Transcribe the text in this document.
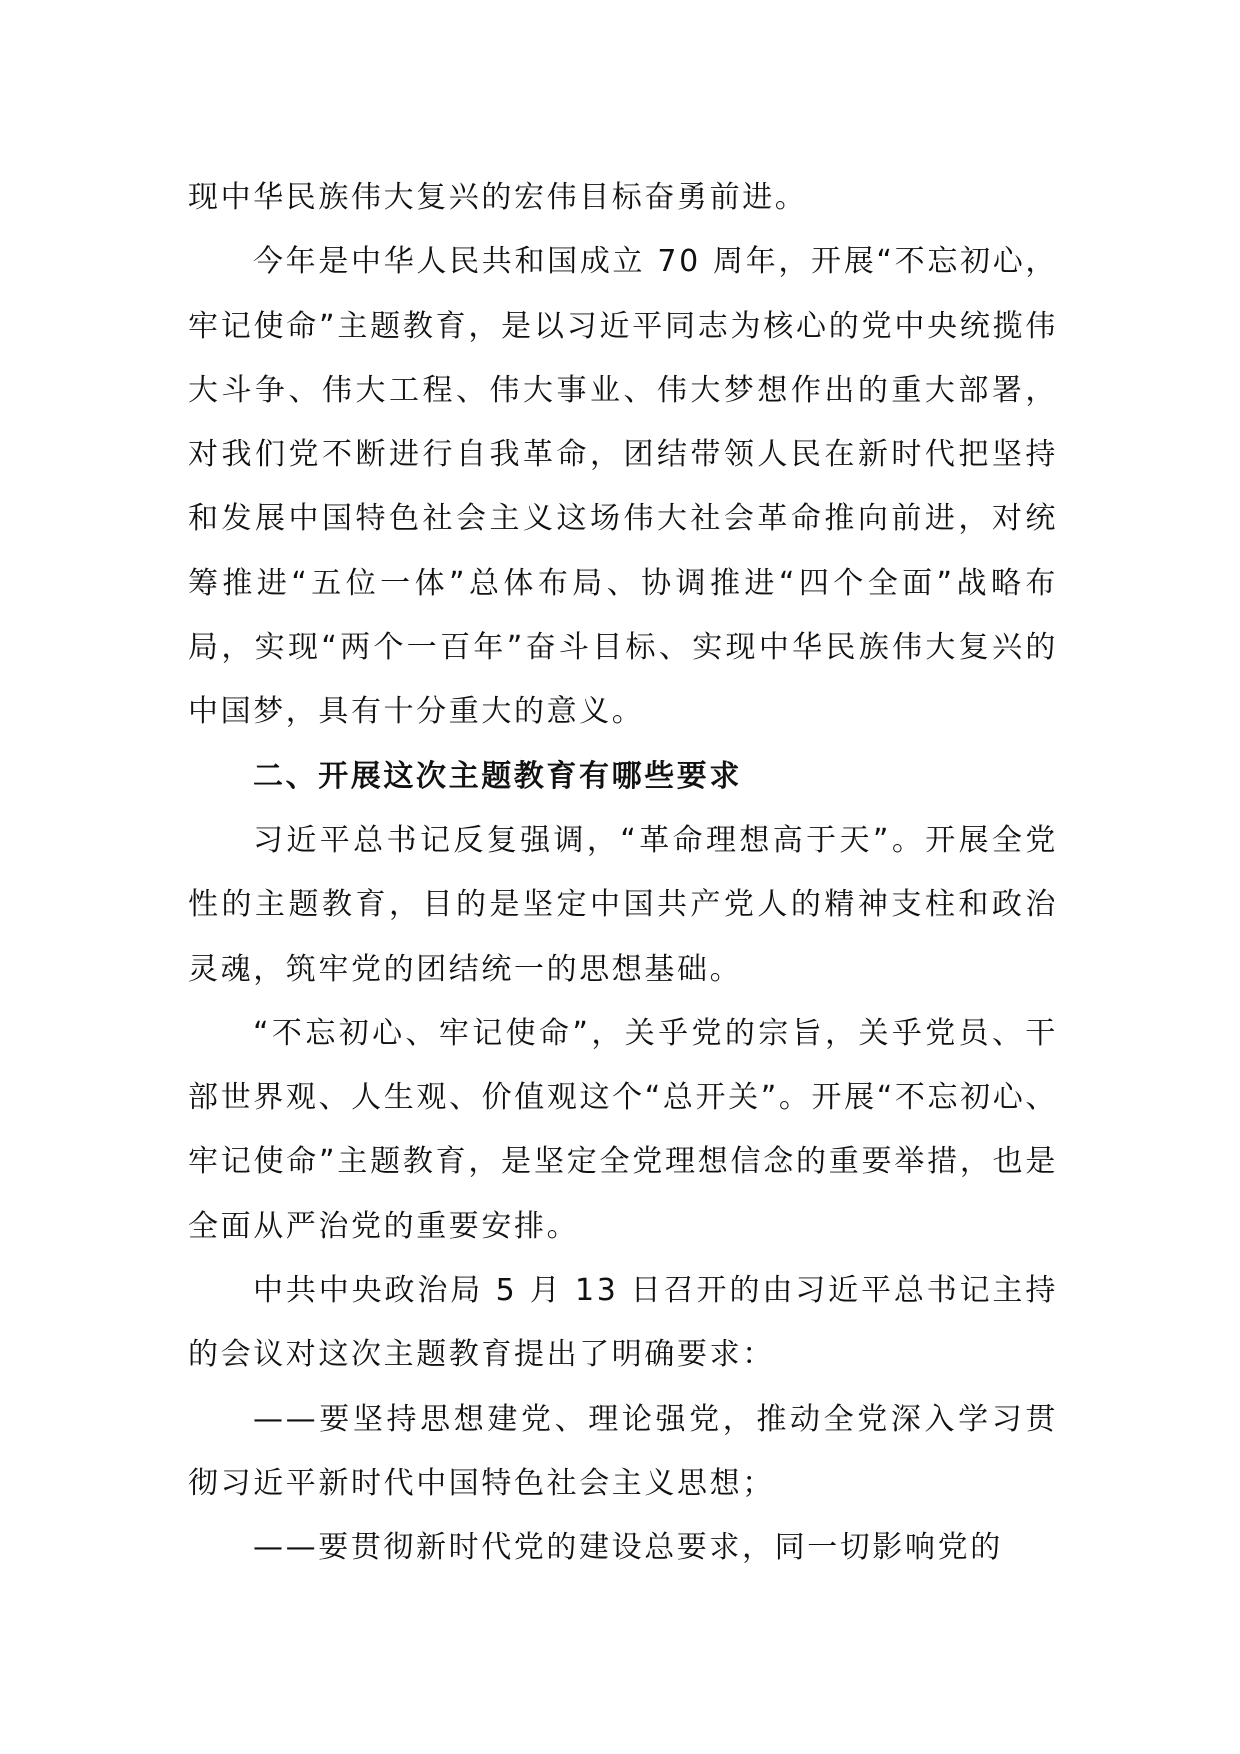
现中华民族伟大复兴的宏伟目标奋勇前进。

今年是中华人民共和国成立 70 周年，开展“不忘初心，牢记使命”主题教育，是以习近平同志为核心的党中央统揽伟大斗争、伟大工程、伟大事业、伟大梦想作出的重大部署，对我们党不断进行自我革命，团结带领人民在新时代把坚持和发展中国特色社会主义这场伟大社会革命推向前进，对统筹推进“五位一体”总体布局、协调推进“四个全面”战略布局，实现“两个一百年”奋斗目标、实现中华民族伟大复兴的中国梦，具有十分重大的意义。

二、开展这次主题教育有哪些要求

习近平总书记反复强调，“革命理想高于天”。开展全党性的主题教育，目的是坚定中国共产党人的精神支柱和政治灵魂，筑牢党的团结统一的思想基础。

“不忘初心、牢记使命”，关乎党的宗旨，关乎党员、干部世界观、人生观、价值观这个“总开关”。开展“不忘初心、牢记使命”主题教育，是坚定全党理想信念的重要举措，也是全面从严治党的重要安排。

中共中央政治局 5 月 13 日召开的由习近平总书记主持的会议对这次主题教育提出了明确要求：

——要坚持思想建党、理论强党，推动全党深入学习贯彻习近平新时代中国特色社会主义思想；

——要贯彻新时代党的建设总要求，同一切影响党的
